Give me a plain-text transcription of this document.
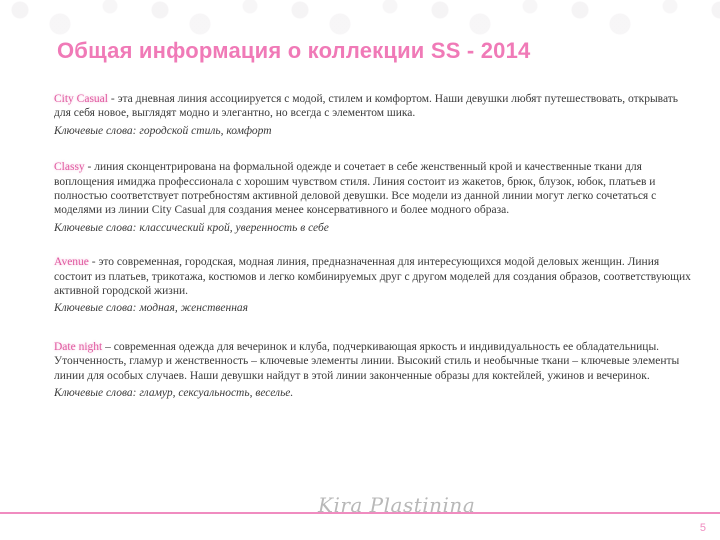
Общая информация о коллекции SS - 2014

City Casual - эта дневная линия ассоциируется с модой, стилем и комфортом. Наши девушки любят путешествовать, открывать для себя новое, выглядят модно и элегантно, но всегда с элементом шика.

Ключевые слова: городской стиль, комфорт

Classy - линия сконцентрирована на формальной одежде и сочетает в себе женственный крой и качественные ткани для воплощения имиджа профессионала с хорошим чувством стиля. Линия состоит из жакетов, брюк, блузок, юбок, платьев и полностью соответствует потребностям активной деловой девушки. Все модели из данной линии могут легко сочетаться с моделями из линии City Casual для создания менее консервативного и более модного образа.

Ключевые слова: классический крой, уверенность в себе

Avenue - это современная, городская, модная линия, предназначенная для интересующихся модой деловых женщин. Линия состоит из платьев, трикотажа, костюмов и легко комбинируемых друг с другом моделей для создания образов, соответствующих активной городской жизни.

Ключевые слова: модная, женственная

Date night – современная одежда для вечеринок и клуба, подчеркивающая яркость и индивидуальность ее обладательницы. Утонченность, гламур и женственность – ключевые элементы линии. Высокий стиль и необычные ткани – ключевые элементы линии для особых случаев. Наши девушки найдут в этой линии законченные образы для коктейлей, ужинов и вечеринок.

Ключевые слова: гламур, сексуальность, веселье.

Kira Plastinina
5
